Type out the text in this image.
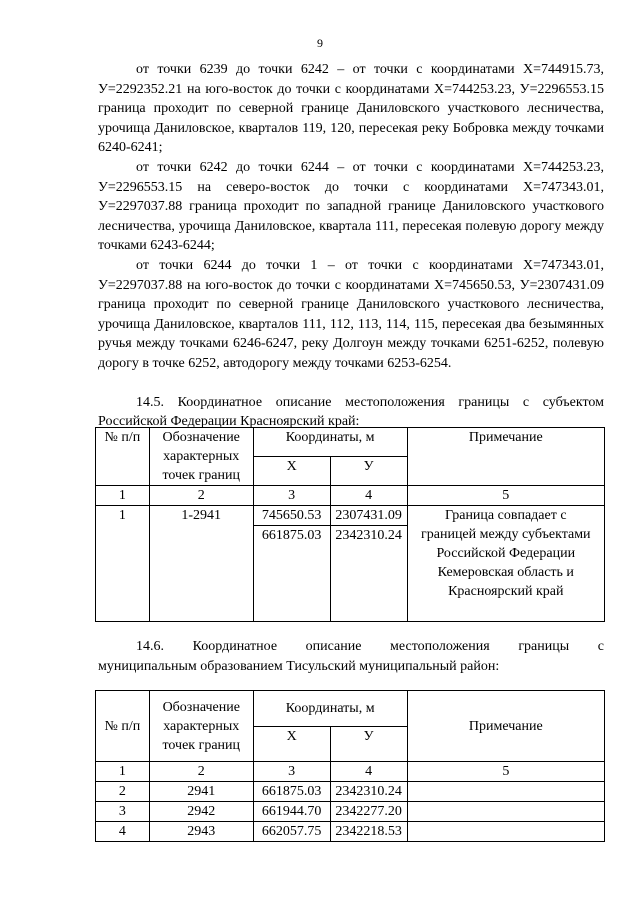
9

от точки 6239 до точки 6242 – от точки с координатами Х=744915.73, У=2292352.21 на юго-восток до точки с координатами Х=744253.23, У=2296553.15 граница проходит по северной границе Даниловского участкового лесничества, урочища Даниловское, кварталов 119, 120, пересекая реку Бобровка между точками 6240-6241;

от точки 6242 до точки 6244 – от точки с координатами Х=744253.23, У=2296553.15 на северо-восток до точки с координатами Х=747343.01, У=2297037.88 граница проходит по западной границе Даниловского участкового лесничества, урочища Даниловское, квартала 111, пересекая полевую дорогу между точками 6243-6244;

от точки 6244 до точки 1 – от точки с координатами Х=747343.01, У=2297037.88 на юго-восток до точки с координатами Х=745650.53, У=2307431.09 граница проходит по северной границе Даниловского участкового лесничества, урочища Даниловское, кварталов 111, 112, 113, 114, 115, пересекая два безымянных ручья между точками 6246-6247, реку Долгоун между точками 6251-6252, полевую дорогу в точке 6252, автодорогу между точками 6253-6254.

14.5. Координатное описание местоположения границы с субъектом

Российской Федерации Красноярский край:

№ п/п	Обозначение характерных точек границ	Координаты, м		Примечание
		X	У	
1	2	3	4	5
1	1-2941	745650.53	2307431.09	Граница совпадает с границей между субъектами Российской Федерации Кемеровская область и Красноярский край
		661875.03	2342310.24	

14.6. Координатное описание местоположения границы с

муниципальным образованием Тисульский муниципальный район:

№ п/п	Обозначение характерных точек границ	Координаты, м		Примечание
		X	У	
1	2	3	4	5
2	2941	661875.03	2342310.24	
3	2942	661944.70	2342277.20	
4	2943	662057.75	2342218.53	
